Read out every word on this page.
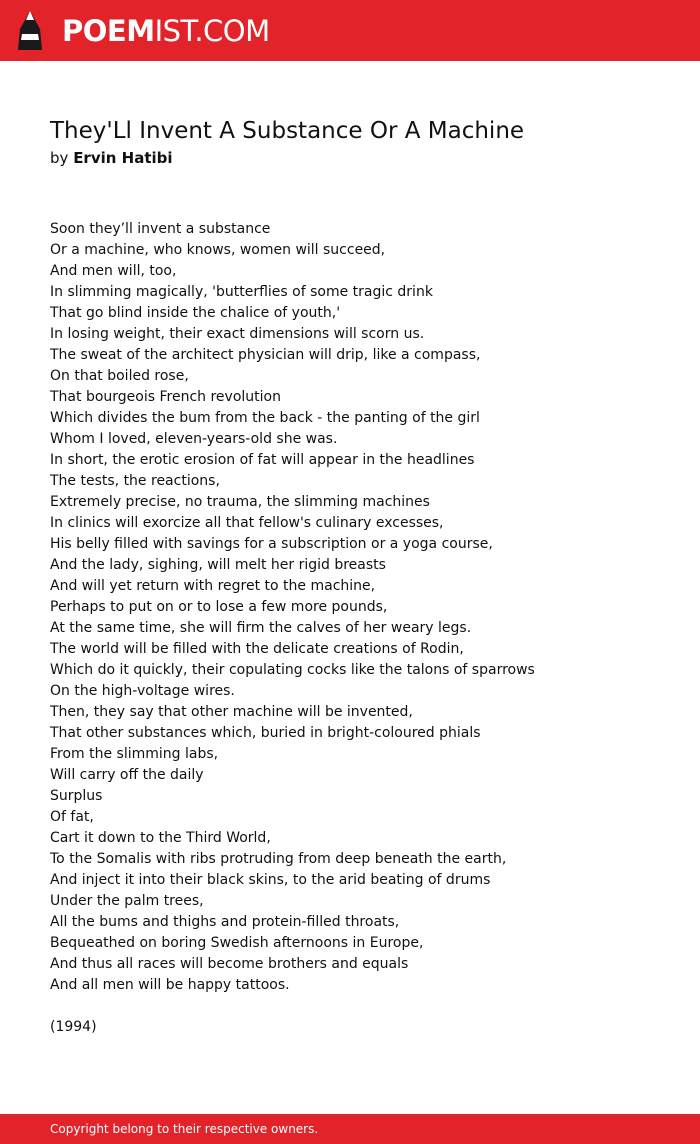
POEMIST.COM
They'Ll Invent A Substance Or A Machine
by Ervin Hatibi
Soon they’ll invent a substance
Or a machine, who knows, women will succeed,
And men will, too,
In slimming magically, 'butterflies of some tragic drink
That go blind inside the chalice of youth,'
In losing weight, their exact dimensions will scorn us.
The sweat of the architect physician will drip, like a compass,
On that boiled rose,
That bourgeois French revolution
Which divides the bum from the back - the panting of the girl
Whom I loved, eleven-years-old she was.
In short, the erotic erosion of fat will appear in the headlines
The tests, the reactions,
Extremely precise, no trauma, the slimming machines
In clinics will exorcize all that fellow's culinary excesses,
His belly filled with savings for a subscription or a yoga course,
And the lady, sighing, will melt her rigid breasts
And will yet return with regret to the machine,
Perhaps to put on or to lose a few more pounds,
At the same time, she will firm the calves of her weary legs.
The world will be filled with the delicate creations of Rodin,
Which do it quickly, their copulating cocks like the talons of sparrows
On the high-voltage wires.
Then, they say that other machine will be invented,
That other substances which, buried in bright-coloured phials
From the slimming labs,
Will carry off the daily
Surplus
Of fat,
Cart it down to the Third World,
To the Somalis with ribs protruding from deep beneath the earth,
And inject it into their black skins, to the arid beating of drums
Under the palm trees,
All the bums and thighs and protein-filled throats,
Bequeathed on boring Swedish afternoons in Europe,
And thus all races will become brothers and equals
And all men will be happy tattoos.
(1994)
Copyright belong to their respective owners.
